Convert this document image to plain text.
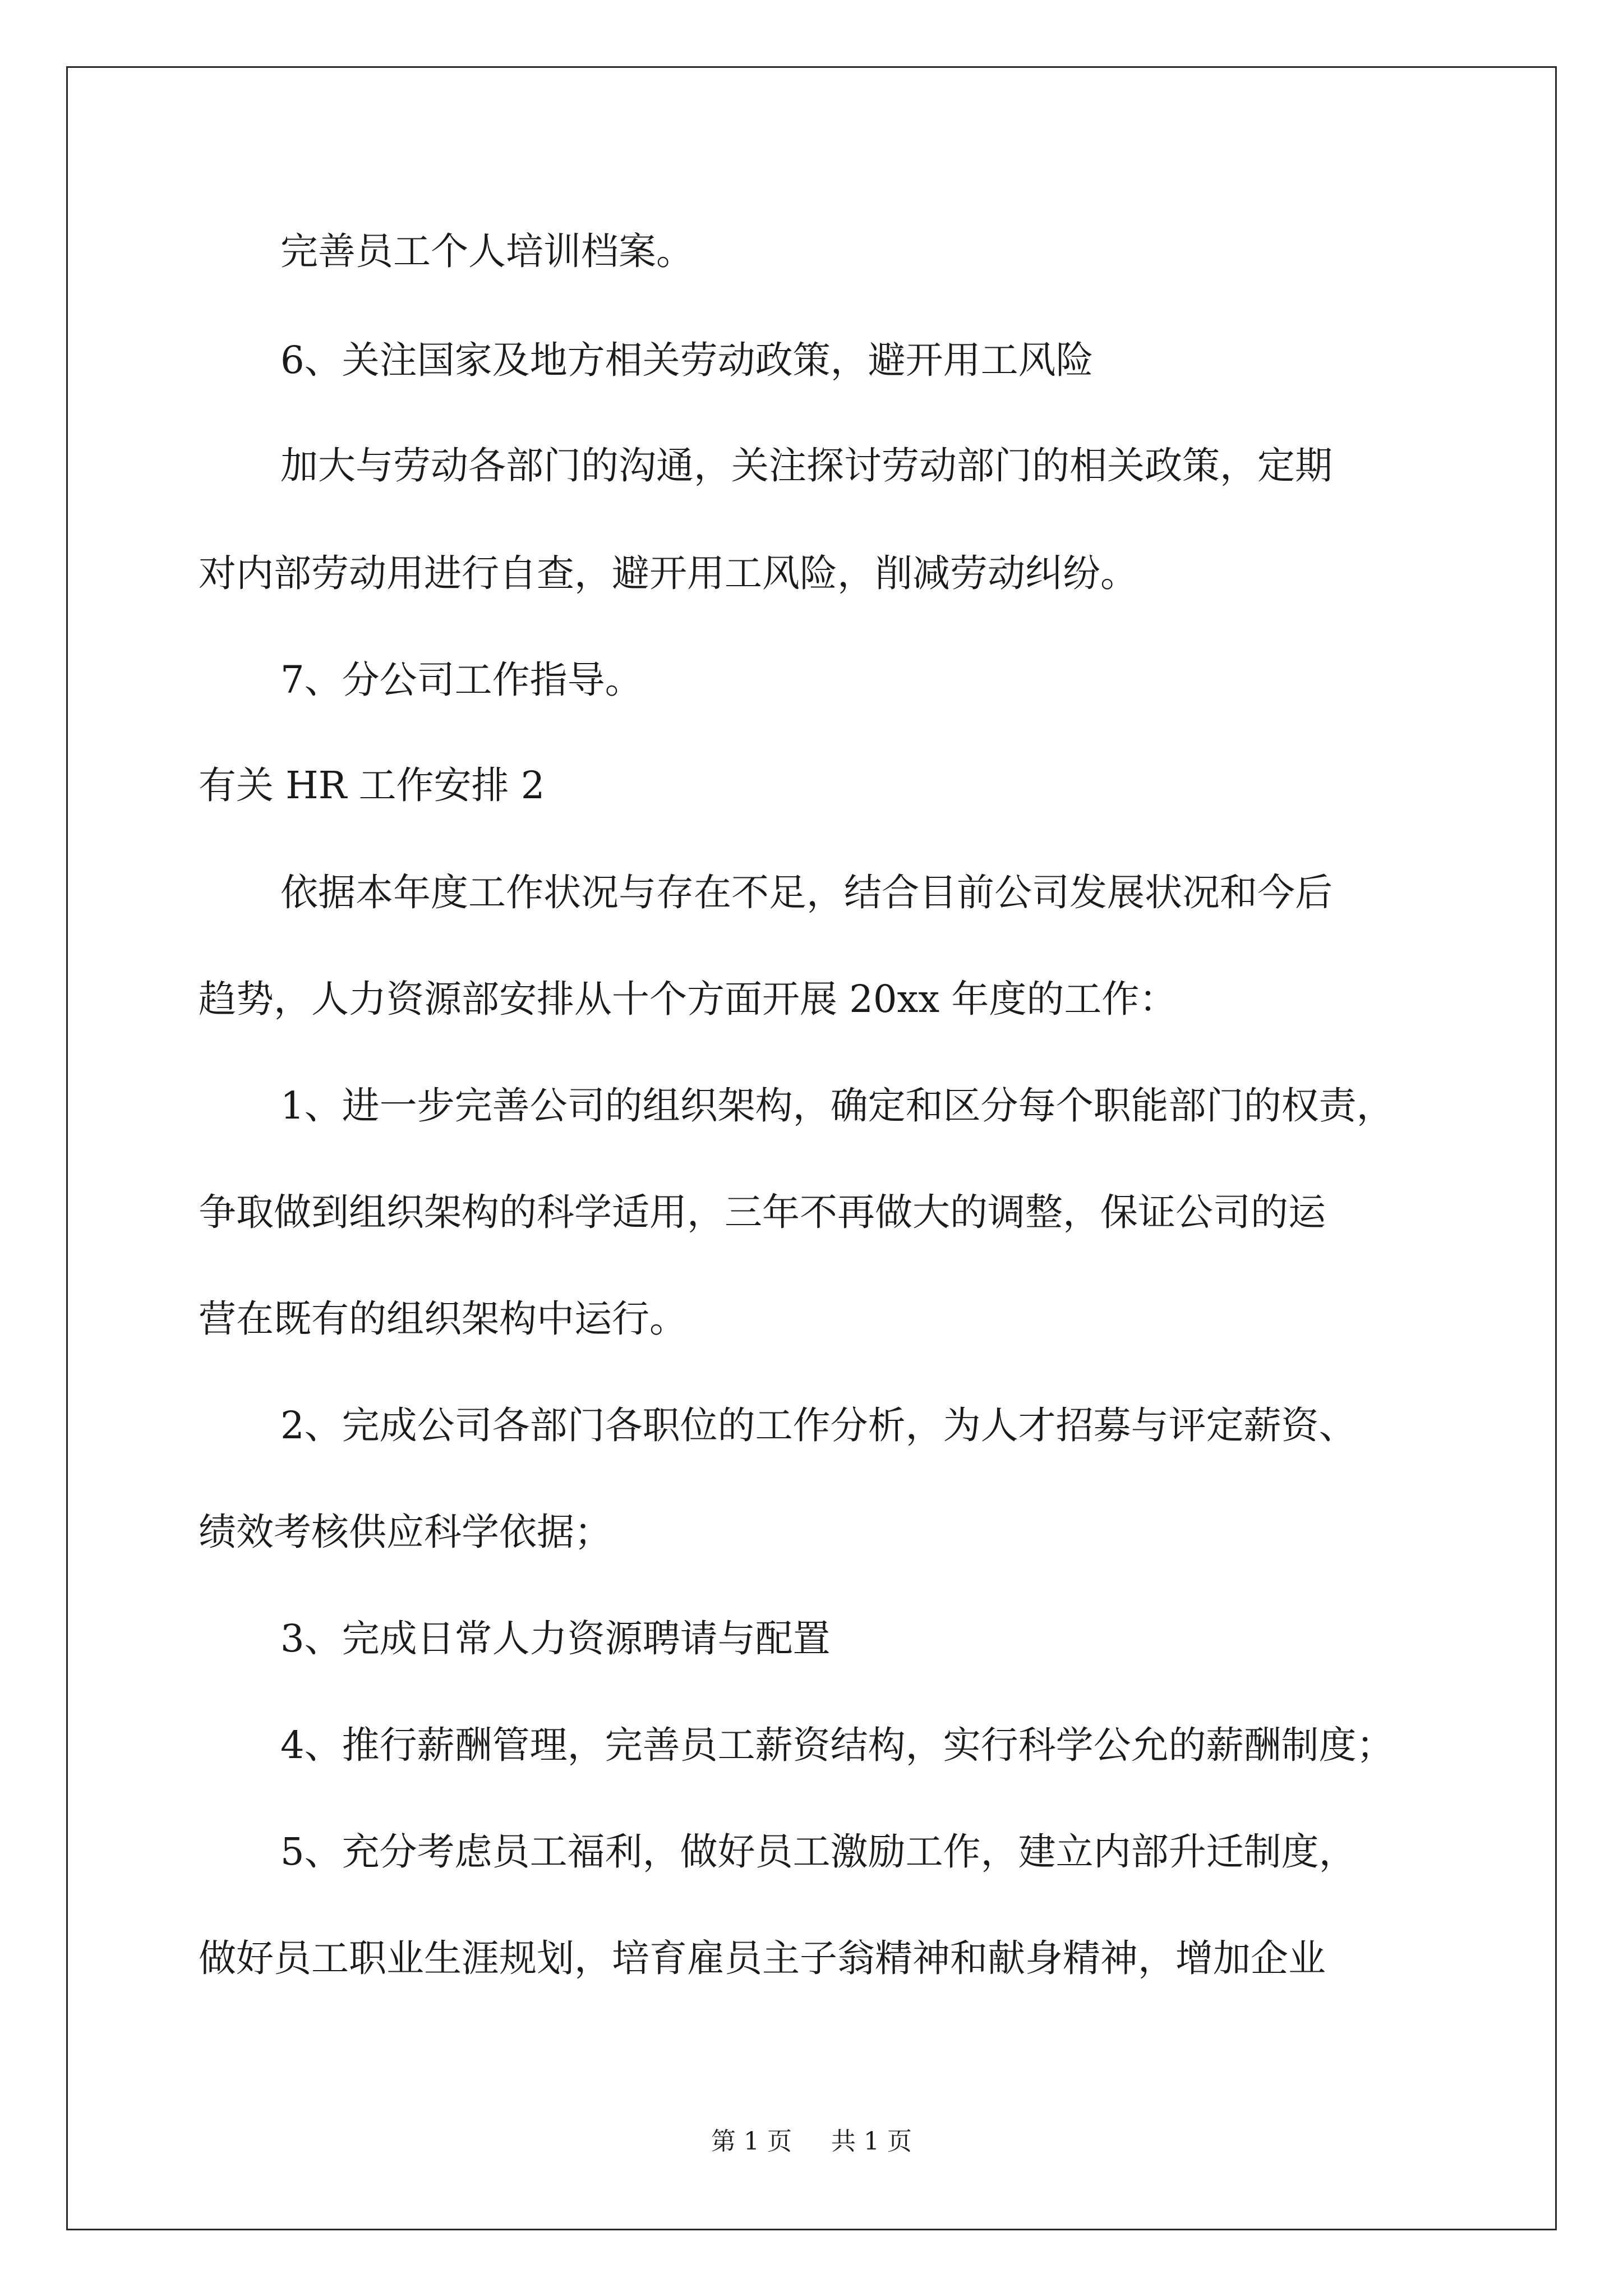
完善员工个人培训档案。
6、关注国家及地方相关劳动政策，避开用工风险
加大与劳动各部门的沟通，关注探讨劳动部门的相关政策，定期
对内部劳动用进行自查，避开用工风险，削减劳动纠纷。
7、分公司工作指导。
有关 HR 工作安排 2
依据本年度工作状况与存在不足，结合目前公司发展状况和今后
趋势，人力资源部安排从十个方面开展 20xx 年度的工作：
1、进一步完善公司的组织架构，确定和区分每个职能部门的权责，
争取做到组织架构的科学适用，三年不再做大的调整，保证公司的运
营在既有的组织架构中运行。
2、完成公司各部门各职位的工作分析，为人才招募与评定薪资、
绩效考核供应科学依据；
3、完成日常人力资源聘请与配置
4、推行薪酬管理，完善员工薪资结构，实行科学公允的薪酬制度；
5、充分考虑员工福利，做好员工激励工作，建立内部升迁制度，
做好员工职业生涯规划，培育雇员主子翁精神和献身精神，增加企业
第 1 页 共 1 页
